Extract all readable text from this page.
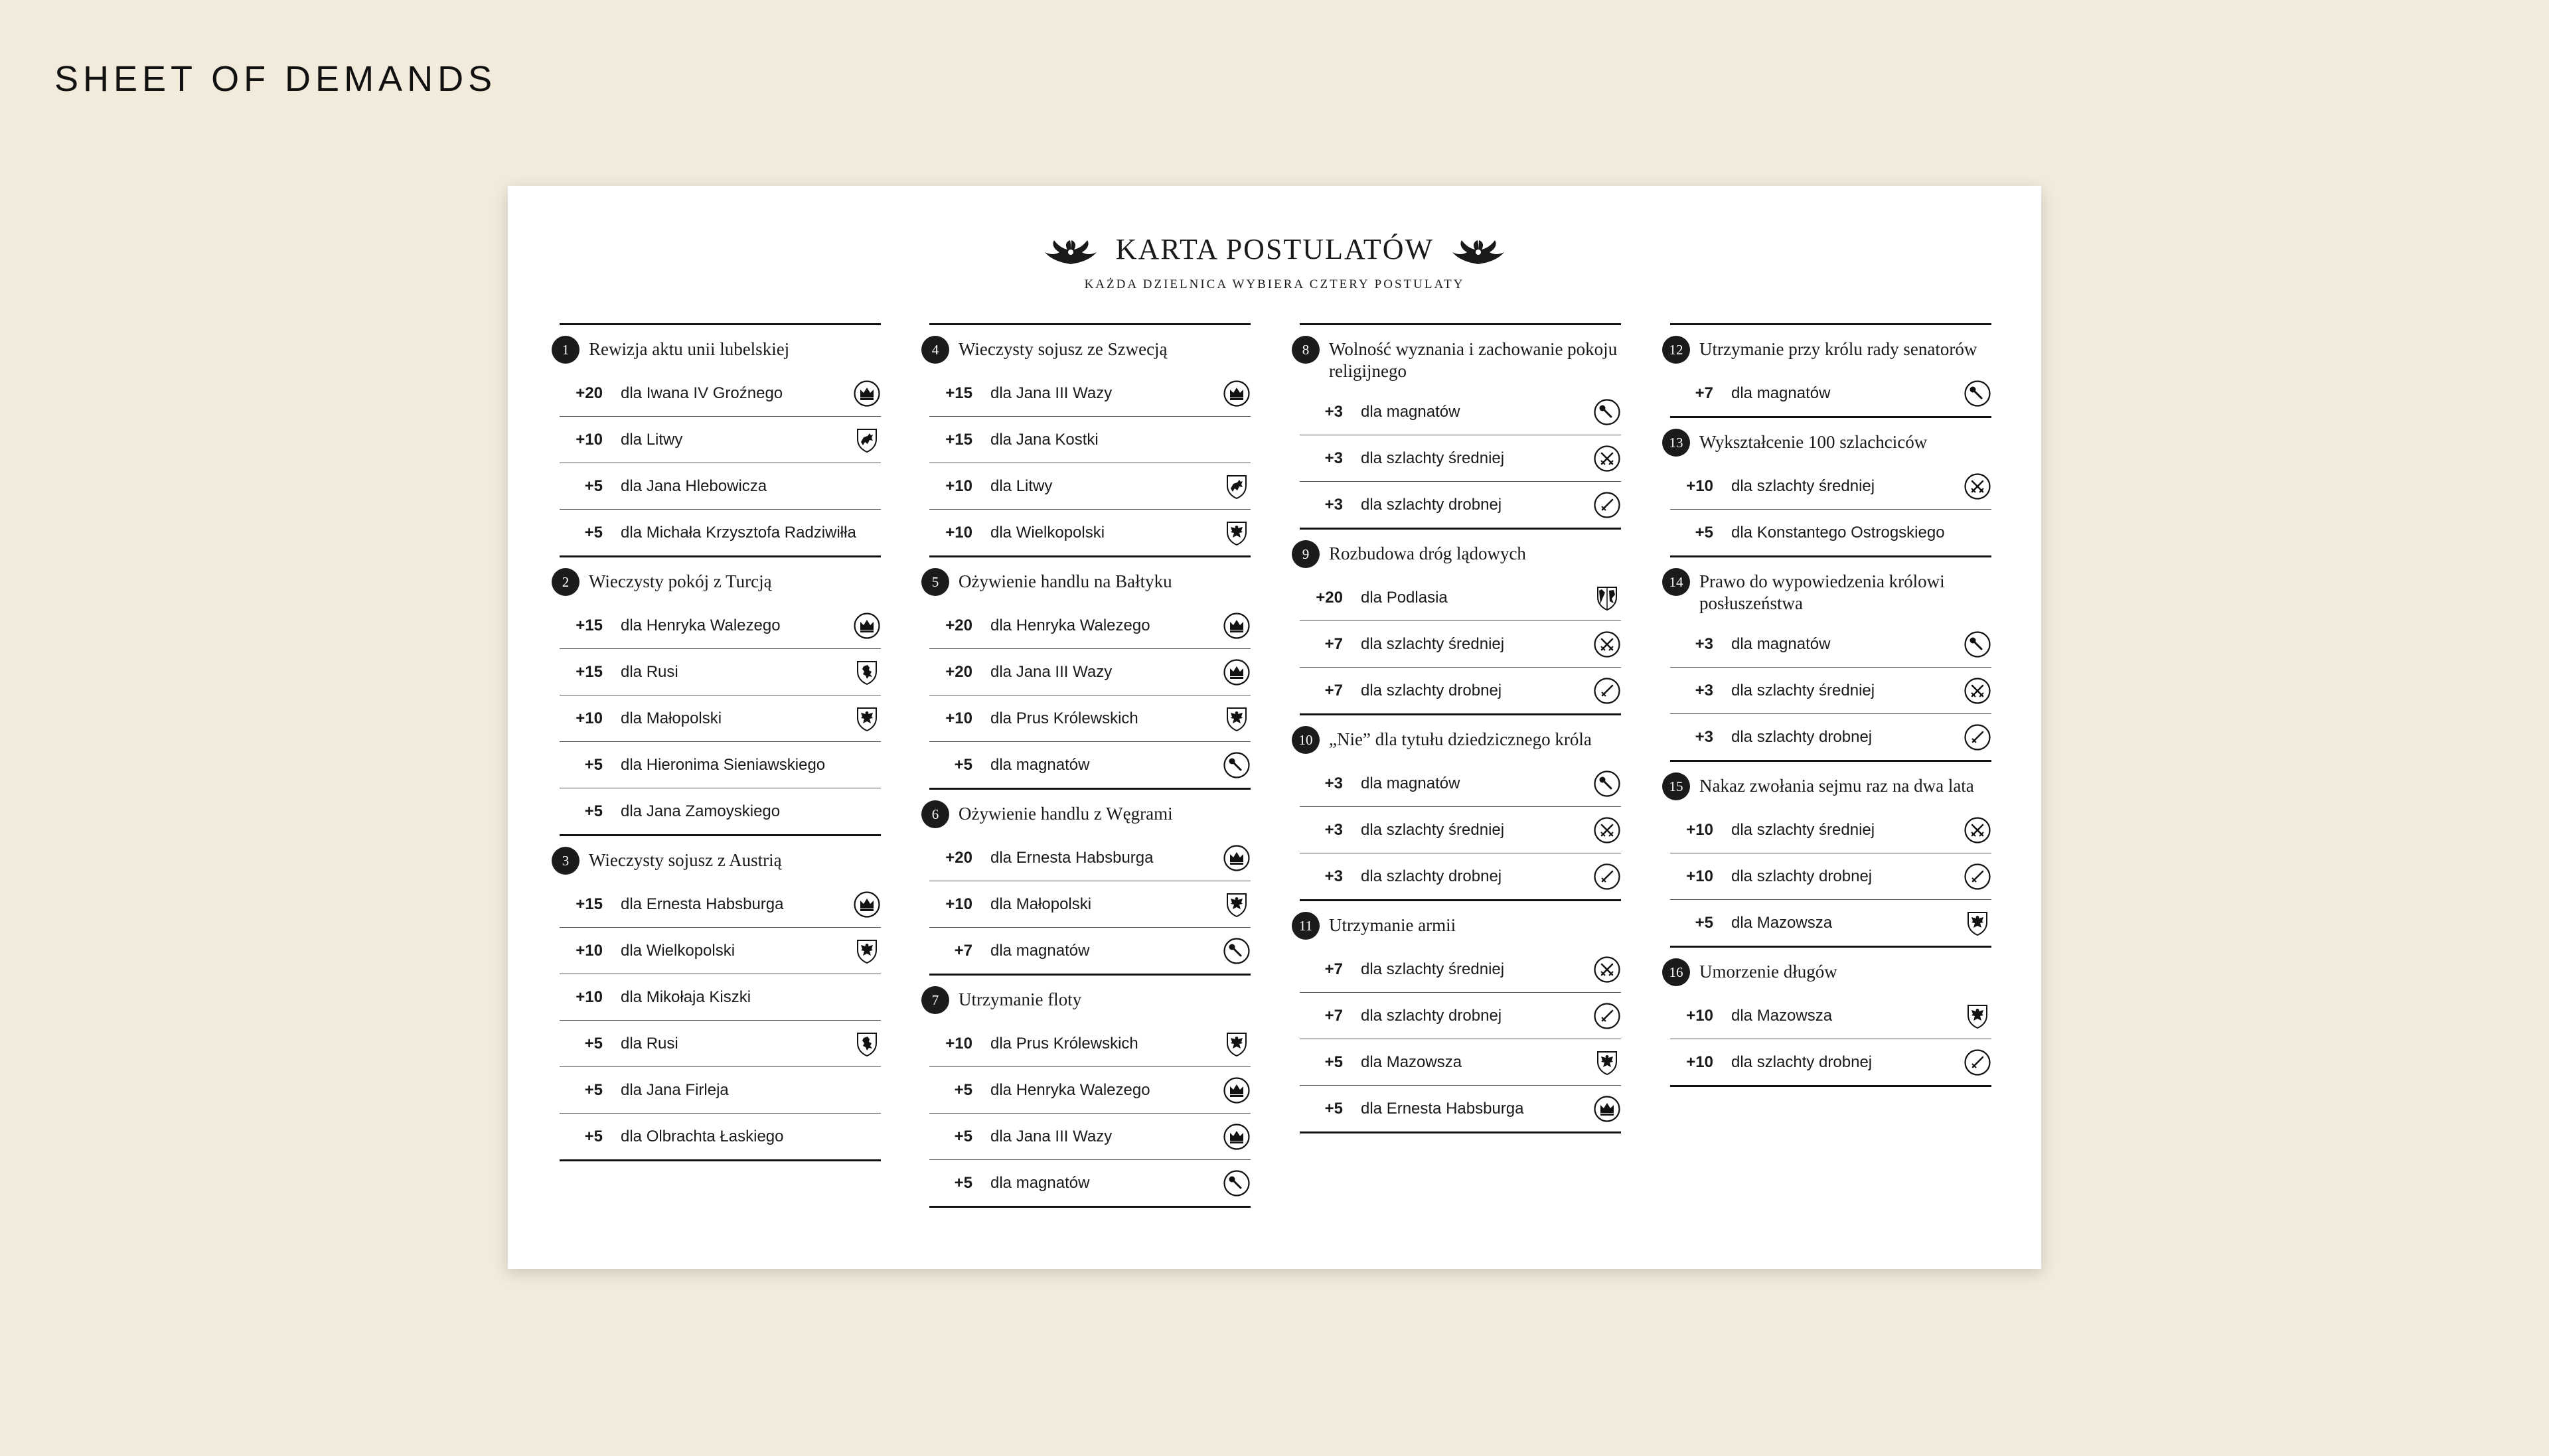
SHEET OF DEMANDS
KARTA POSTULATÓW
KAŻDA DZIELNICA WYBIERA CZTERY POSTULATY
1	Rewizja aktu unii lubelskiej
+20 dla Iwana IV Groźnego
+10 dla Litwy
+5 dla Jana Hlebowicza
+5 dla Michała Krzysztofa Radziwiłła
2	Wieczysty pokój z Turcją
+15 dla Henryka Walezego
+15 dla Rusi
+10 dla Małopolski
+5 dla Hieronima Sieniawskiego
+5 dla Jana Zamoyskiego
3	Wieczysty sojusz z Austrią
+15 dla Ernesta Habsburga
+10 dla Wielkopolski
+10 dla Mikołaja Kiszki
+5 dla Rusi
+5 dla Jana Firleja
+5 dla Olbrachta Łaskiego
4	Wieczysty sojusz ze Szwecją
+15 dla Jana III Wazy
+15 dla Jana Kostki
+10 dla Litwy
+10 dla Wielkopolski
5	Ożywienie handlu na Bałtyku
+20 dla Henryka Walezego
+20 dla Jana III Wazy
+10 dla Prus Królewskich
+5 dla magnatów
6	Ożywienie handlu z Węgrami
+20 dla Ernesta Habsburga
+10 dla Małopolski
+7 dla magnatów
7	Utrzymanie floty
+10 dla Prus Królewskich
+5 dla Henryka Walezego
+5 dla Jana III Wazy
+5 dla magnatów
8	Wolność wyznania i zachowanie pokoju religijnego
+3 dla magnatów
+3 dla szlachty średniej
+3 dla szlachty drobnej
9	Rozbudowa dróg lądowych
+20 dla Podlasia
+7 dla szlachty średniej
+7 dla szlachty drobnej
10 „Nie” dla tytułu dziedzicznego króla
+3 dla magnatów
+3 dla szlachty średniej
+3 dla szlachty drobnej
11 Utrzymanie armii
+7 dla szlachty średniej
+7 dla szlachty drobnej
+5 dla Mazowsza
+5 dla Ernesta Habsburga
12 Utrzymanie przy królu rady senatorów
+7 dla magnatów
13 Wykształcenie 100 szlachciców
+10 dla szlachty średniej
+5 dla Konstantego Ostrogskiego
14 Prawo do wypowiedzenia królowi posłuszeństwa
+3 dla magnatów
+3 dla szlachty średniej
+3 dla szlachty drobnej
15 Nakaz zwołania sejmu raz na dwa lata
+10 dla szlachty średniej
+10 dla szlachty drobnej
+5 dla Mazowsza
16 Umorzenie długów
+10 dla Mazowsza
+10 dla szlachty drobnej
